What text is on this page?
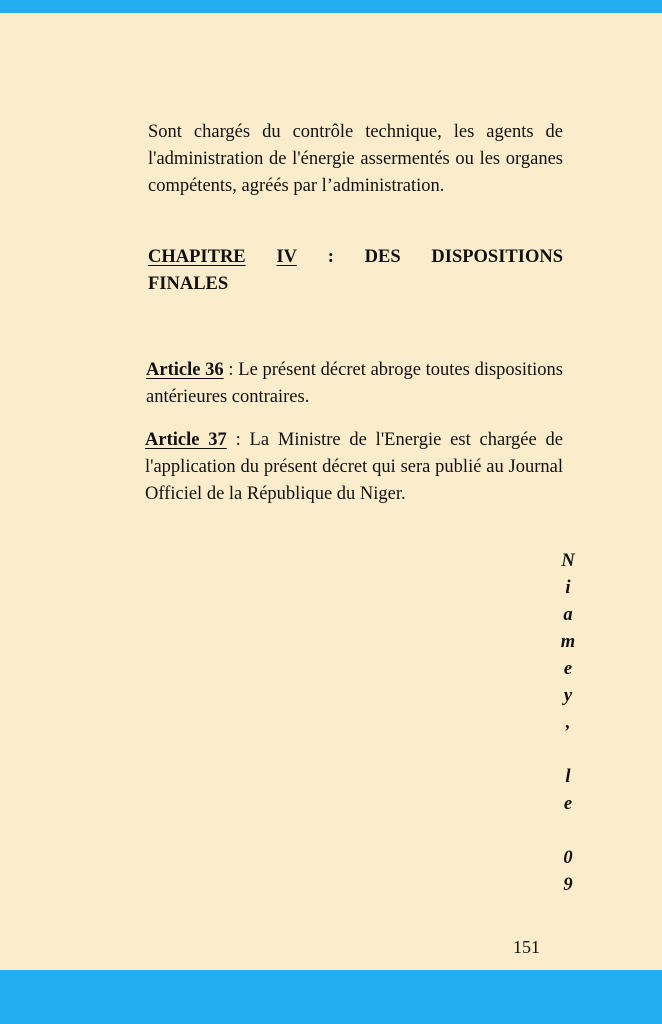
Sont chargés du contrôle technique, les agents de l'administration de l'énergie assermentés ou les organes compétents, agréés par l’administration.

CHAPITRE IV : DES DISPOSITIONS
FINALES

Article 36 : Le présent décret abroge toutes dispositions antérieures contraires.

Article 37 : La Ministre de l'Energie est chargée de l'application du présent décret qui sera publié au Journal Officiel de la République du Niger.

N
i
a
m
e
y
,

l
e

0
9
151
